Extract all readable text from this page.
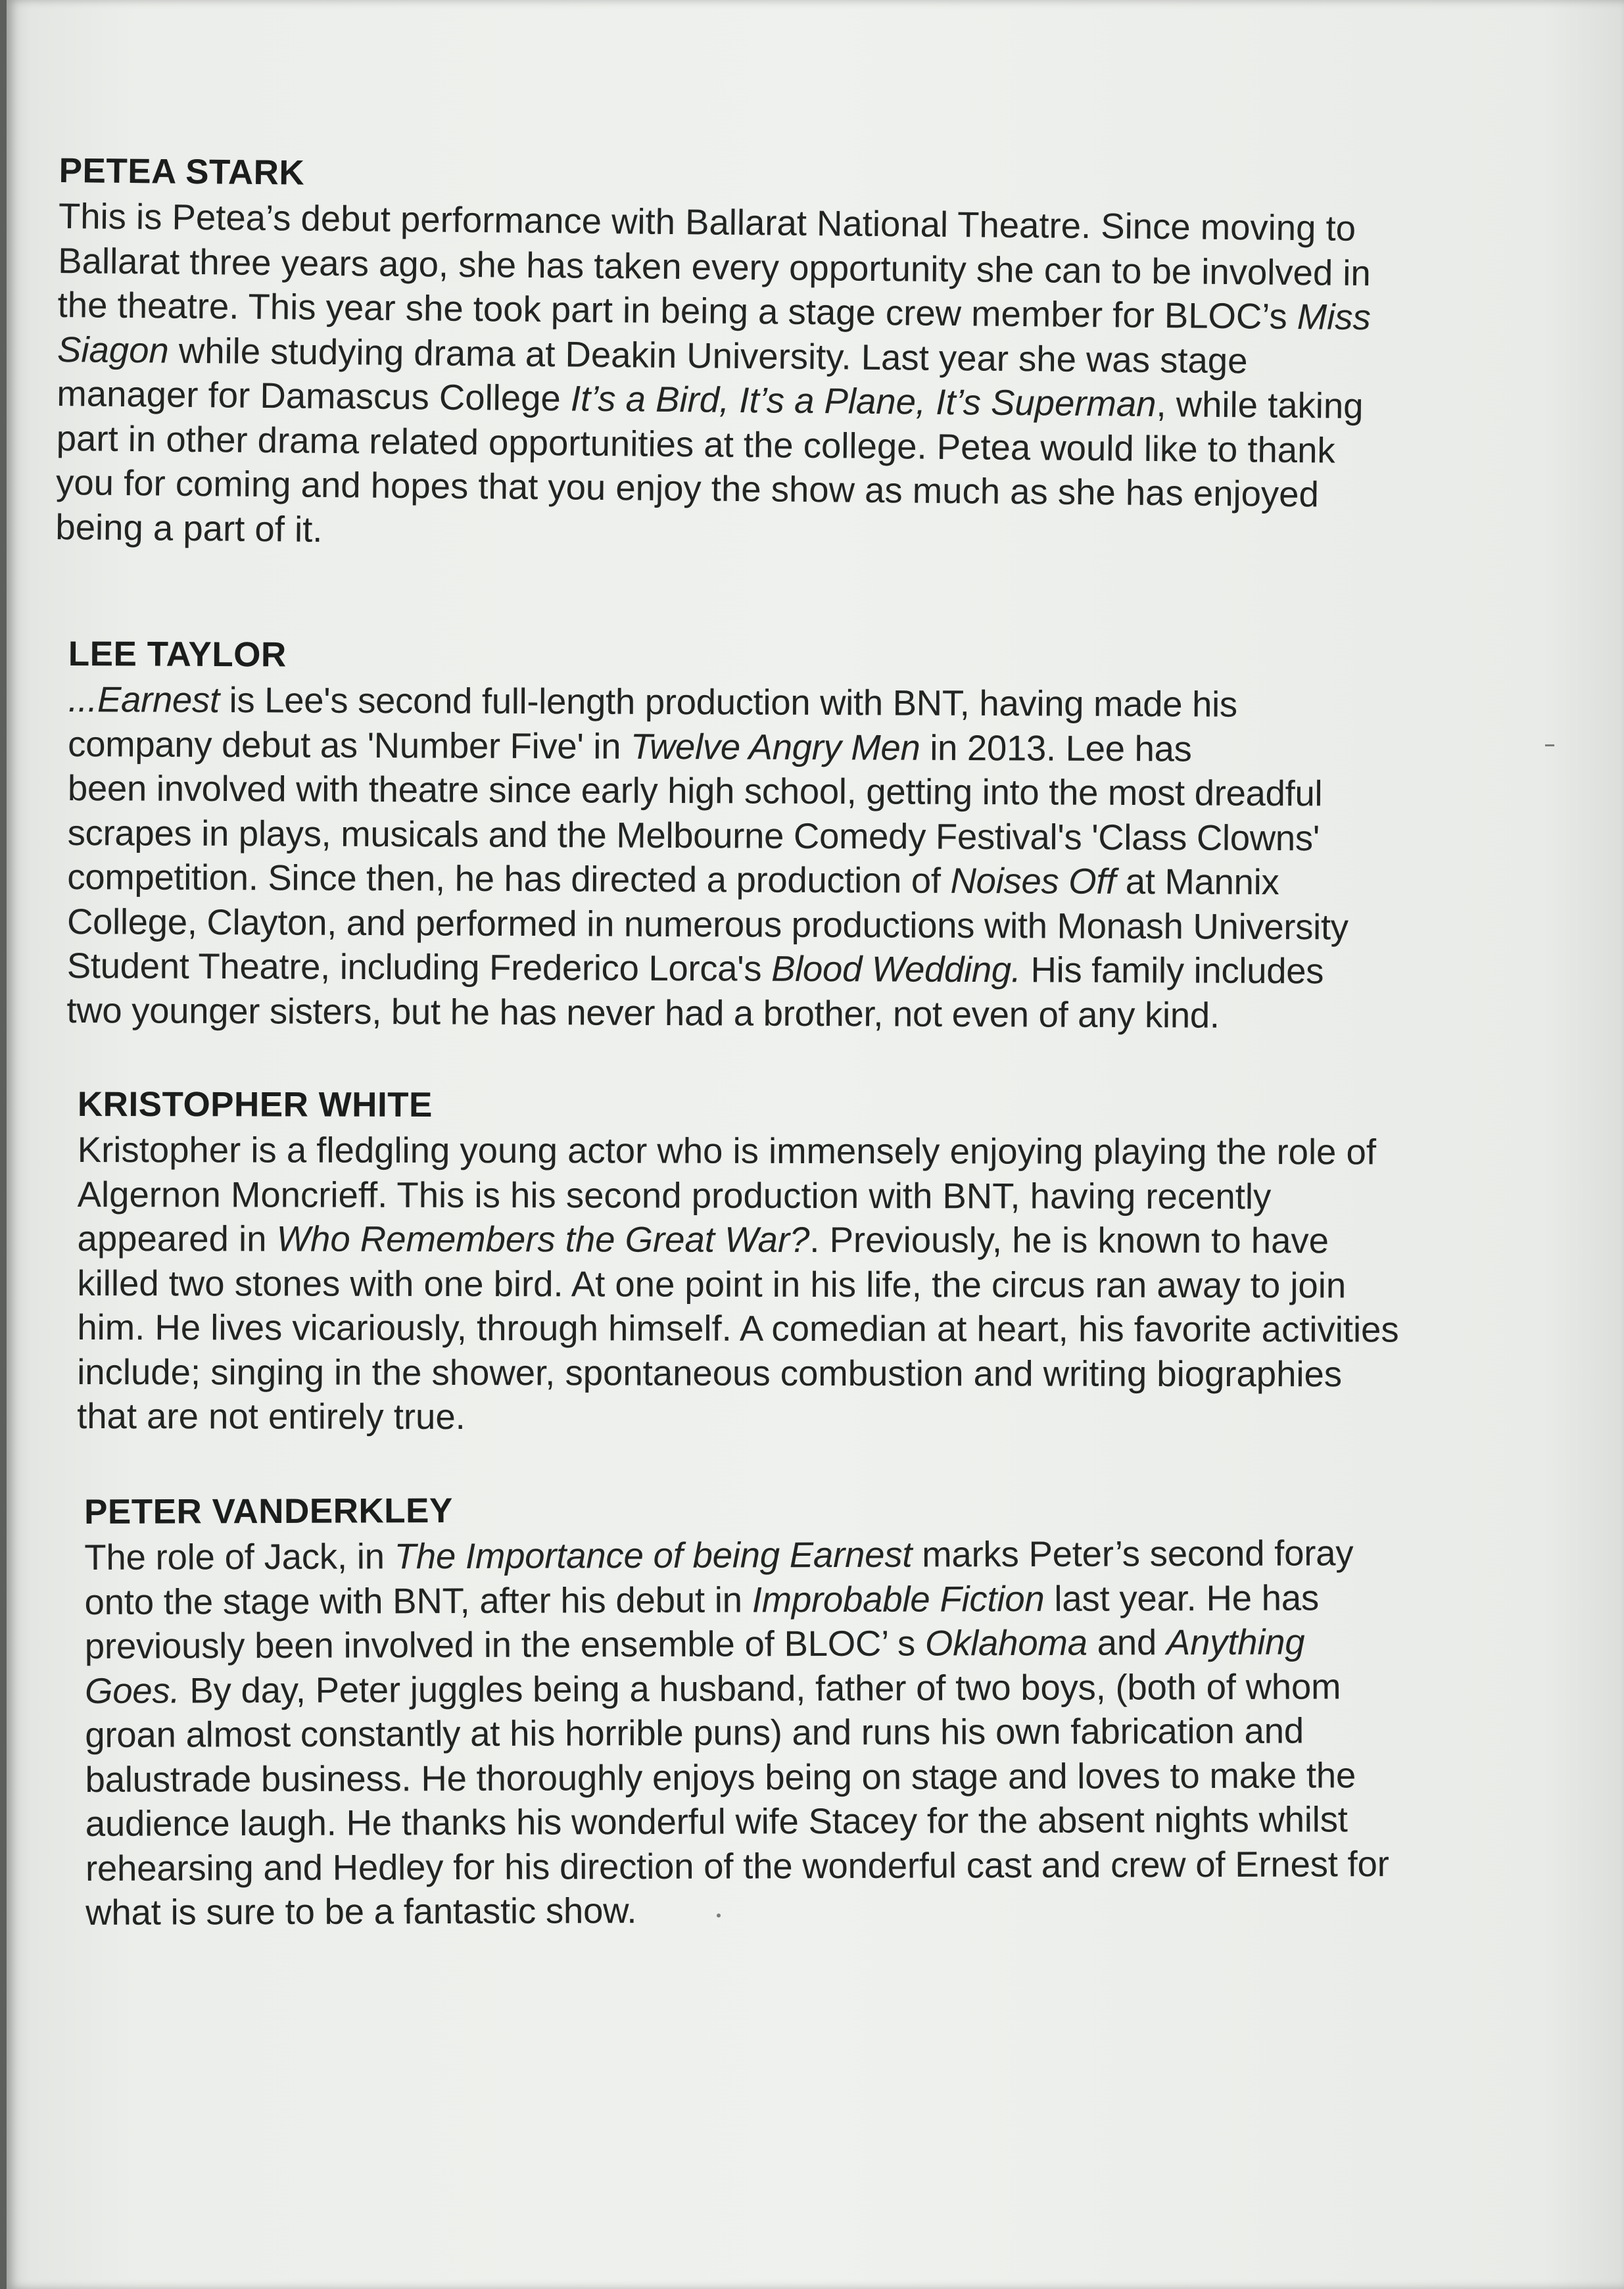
PETEA STARK
This is Petea’s debut performance with Ballarat National Theatre. Since moving to
Ballarat three years ago, she has taken every opportunity she can to be involved in
the theatre. This year she took part in being a stage crew member for BLOC’s Miss
Siagon while studying drama at Deakin University. Last year she was stage
manager for Damascus College It’s a Bird, It’s a Plane, It’s Superman, while taking
part in other drama related opportunities at the college. Petea would like to thank
you for coming and hopes that you enjoy the show as much as she has enjoyed
being a part of it.
LEE TAYLOR
...Earnest is Lee's second full-length production with BNT, having made his
company debut as 'Number Five' in Twelve Angry Men in 2013. Lee has
been involved with theatre since early high school, getting into the most dreadful
scrapes in plays, musicals and the Melbourne Comedy Festival's 'Class Clowns'
competition. Since then, he has directed a production of Noises Off at Mannix
College, Clayton, and performed in numerous productions with Monash University
Student Theatre, including Frederico Lorca's Blood Wedding. His family includes
two younger sisters, but he has never had a brother, not even of any kind.
KRISTOPHER WHITE
Kristopher is a fledgling young actor who is immensely enjoying playing the role of
Algernon Moncrieff. This is his second production with BNT, having recently
appeared in Who Remembers the Great War?. Previously, he is known to have
killed two stones with one bird. At one point in his life, the circus ran away to join
him. He lives vicariously, through himself. A comedian at heart, his favorite activities
include; singing in the shower, spontaneous combustion and writing biographies
that are not entirely true.
PETER VANDERKLEY
The role of Jack, in The Importance of being Earnest marks Peter’s second foray
onto the stage with BNT, after his debut in Improbable Fiction last year. He has
previously been involved in the ensemble of BLOC’ s Oklahoma and Anything
Goes. By day, Peter juggles being a husband, father of two boys, (both of whom
groan almost constantly at his horrible puns) and runs his own fabrication and
balustrade business. He thoroughly enjoys being on stage and loves to make the
audience laugh. He thanks his wonderful wife Stacey for the absent nights whilst
rehearsing and Hedley for his direction of the wonderful cast and crew of Ernest for
what is sure to be a fantastic show.
